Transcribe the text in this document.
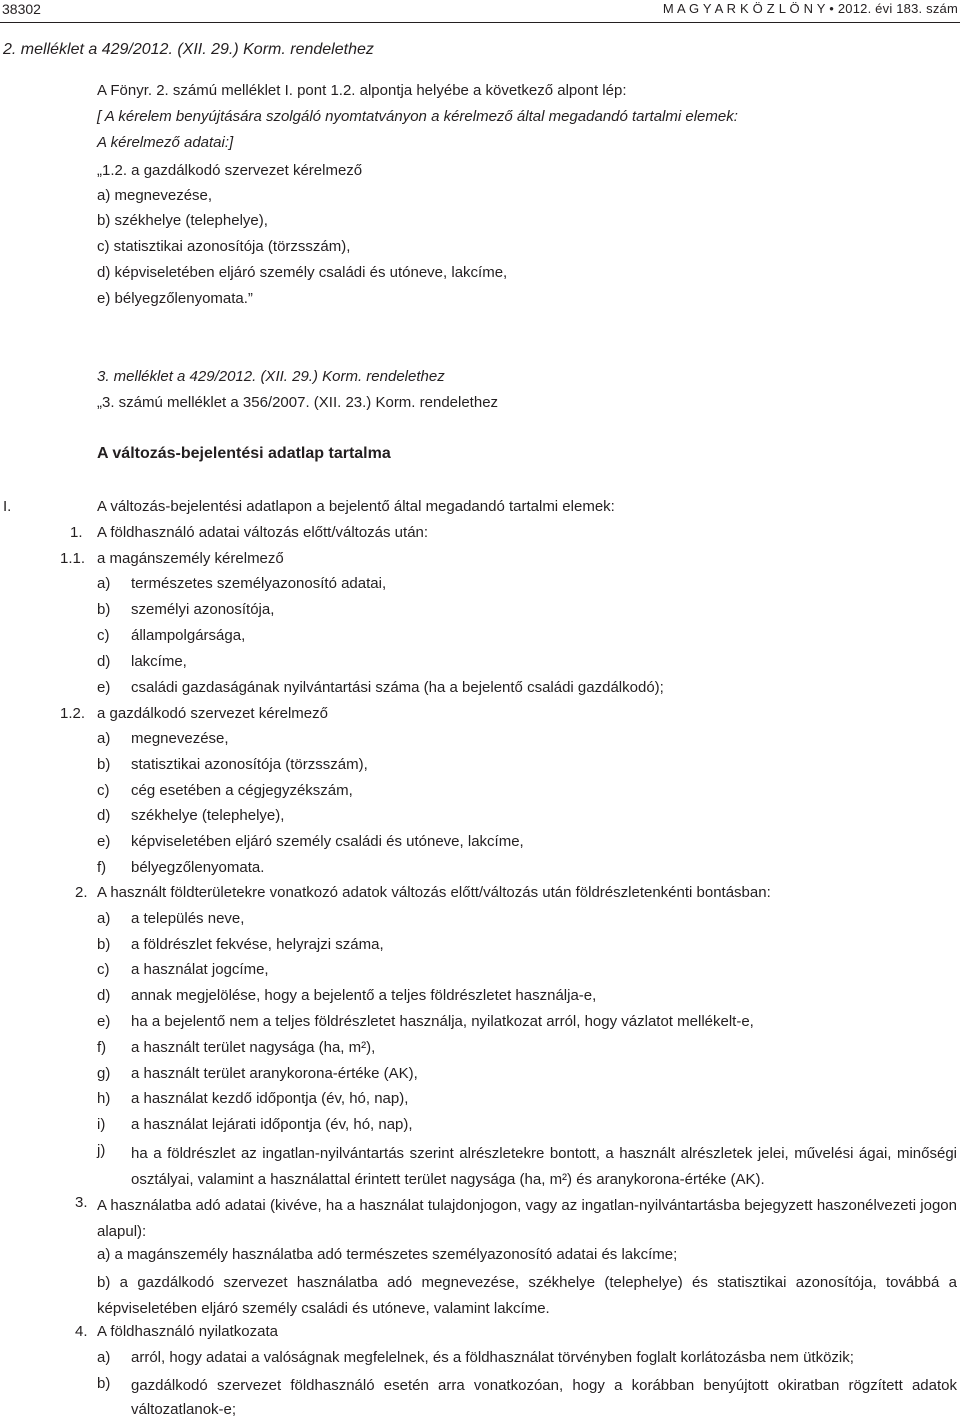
38302	M A G Y A R K Ö Z L Ö N Y • 2012. évi 183. szám
2. melléklet a 429/2012. (XII. 29.) Korm. rendelethez
A Fönyr. 2. számú melléklet I. pont 1.2. alpontja helyébe a következő alpont lép:
[ A kérelem benyújtására szolgáló nyomtatványon a kérelmező által megadandó tartalmi elemek:
A kérelmező adatai:]
„1.2. a gazdálkodó szervezet kérelmező
a) megnevezése,
b) székhelye (telephelye),
c) statisztikai azonosítója (törzsszám),
d) képviseletében eljáró személy családi és utóneve, lakcíme,
e) bélyegzőlenyomata.”
3. melléklet a 429/2012. (XII. 29.) Korm. rendelethez
„3. számú melléklet a 356/2007. (XII. 23.) Korm. rendelethez
A változás-bejelentési adatlap tartalma
I.	A változás-bejelentési adatlapon a bejelentő által megadandó tartalmi elemek:
1. A földhasználó adatai változás előtt/változás után:
1.1. a magánszemély kérelmező
a) természetes személyazonosító adatai,
b) személyi azonosítója,
c) állampolgársága,
d) lakcíme,
e) családi gazdaságának nyilvántartási száma (ha a bejelentő családi gazdálkodó);
1.2. a gazdálkodó szervezet kérelmező
a) megnevezése,
b) statisztikai azonosítója (törzsszám),
c) cég esetében a cégjegyzékszám,
d) székhelye (telephelye),
e) képviseletében eljáró személy családi és utóneve, lakcíme,
f) bélyegzőlenyomata.
2. A használt földterületekre vonatkozó adatok változás előtt/változás után földrészletenkénti bontásban:
a) a település neve,
b) a földrészlet fekvése, helyrajzi száma,
c) a használat jogcíme,
d) annak megjelölése, hogy a bejelentő a teljes földrészletet használja-e,
e) ha a bejelentő nem a teljes földrészletet használja, nyilatkozat arról, hogy vázlatot mellékelt-e,
f) a használt terület nagysága (ha, m²),
g) a használt terület aranykorona-értéke (AK),
h) a használat kezdő időpontja (év, hó, nap),
i) a használat lejárati időpontja (év, hó, nap),
j) ha a földrészlet az ingatlan-nyilvántartás szerint alrészletekre bontott, a használt alrészletek jelei, művelési ágai, minőségi osztályai, valamint a használattal érintett terület nagysága (ha, m²) és aranykorona-értéke (AK).
3. A használatba adó adatai (kivéve, ha a használat tulajdonjogon, vagy az ingatlan-nyilvántartásba bejegyzett haszonélvezeti jogon alapul):
a) a magánszemély használatba adó természetes személyazonosító adatai és lakcíme;
b) a gazdálkodó szervezet használatba adó megnevezése, székhelye (telephelye) és statisztikai azonosítója, továbbá a képviseletében eljáró személy családi és utóneve, valamint lakcíme.
4. A földhasználó nyilatkozata
a) arról, hogy adatai a valóságnak megfelelnek, és a földhasználat törvényben foglalt korlátozásba nem ütközik;
b) gazdálkodó szervezet földhasználó esetén arra vonatkozóan, hogy a korábban benyújtott okiratban rögzített adatok változatlanok-e;
